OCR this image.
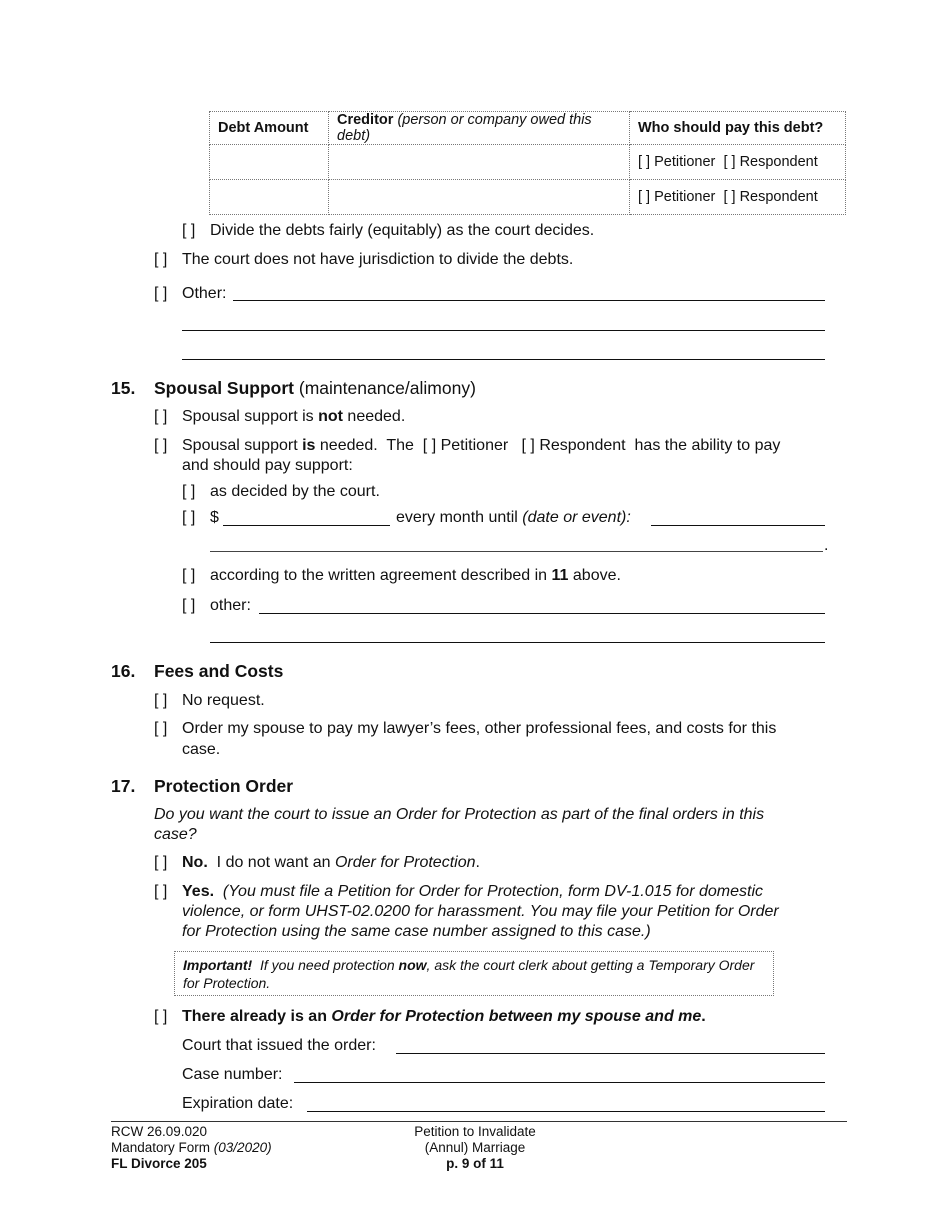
Debt Amount	Creditor (person or company owed this debt)	Who should pay this debt?
		[ ] Petitioner [ ] Respondent
		[ ] Petitioner [ ] Respondent
[ ] Divide the debts fairly (equitably) as the court decides.
[ ] The court does not have jurisdiction to divide the debts.
[ ] Other:
15. Spousal Support (maintenance/alimony)
[ ] Spousal support is not needed.
[ ] Spousal support is needed.  The [ ] Petitioner [ ] Respondent has the ability to pay
and should pay support:
[ ] as decided by the court.
[ ] $	every month until (date or event):
.
[ ] according to the written agreement described in 11 above.
[ ] other:
16. Fees and Costs
[ ] No request.
[ ] Order my spouse to pay my lawyer’s fees, other professional fees, and costs for this
case.
17. Protection Order
Do you want the court to issue an Order for Protection as part of the final orders in this
case?
[ ] No. I do not want an Order for Protection.
[ ] Yes. (You must file a Petition for Order for Protection, form DV-1.015 for domestic
violence, or form UHST-02.0200 for harassment. You may file your Petition for Order
for Protection using the same case number assigned to this case.)
Important! If you need protection now, ask the court clerk about getting a Temporary Order
for Protection.
[ ] There already is an Order for Protection between my spouse and me.
Court that issued the order:
Case number:
Expiration date:
RCW 26.09.020
Mandatory Form (03/2020)
FL Divorce 205
Petition to Invalidate
(Annul) Marriage
p. 9 of 11
